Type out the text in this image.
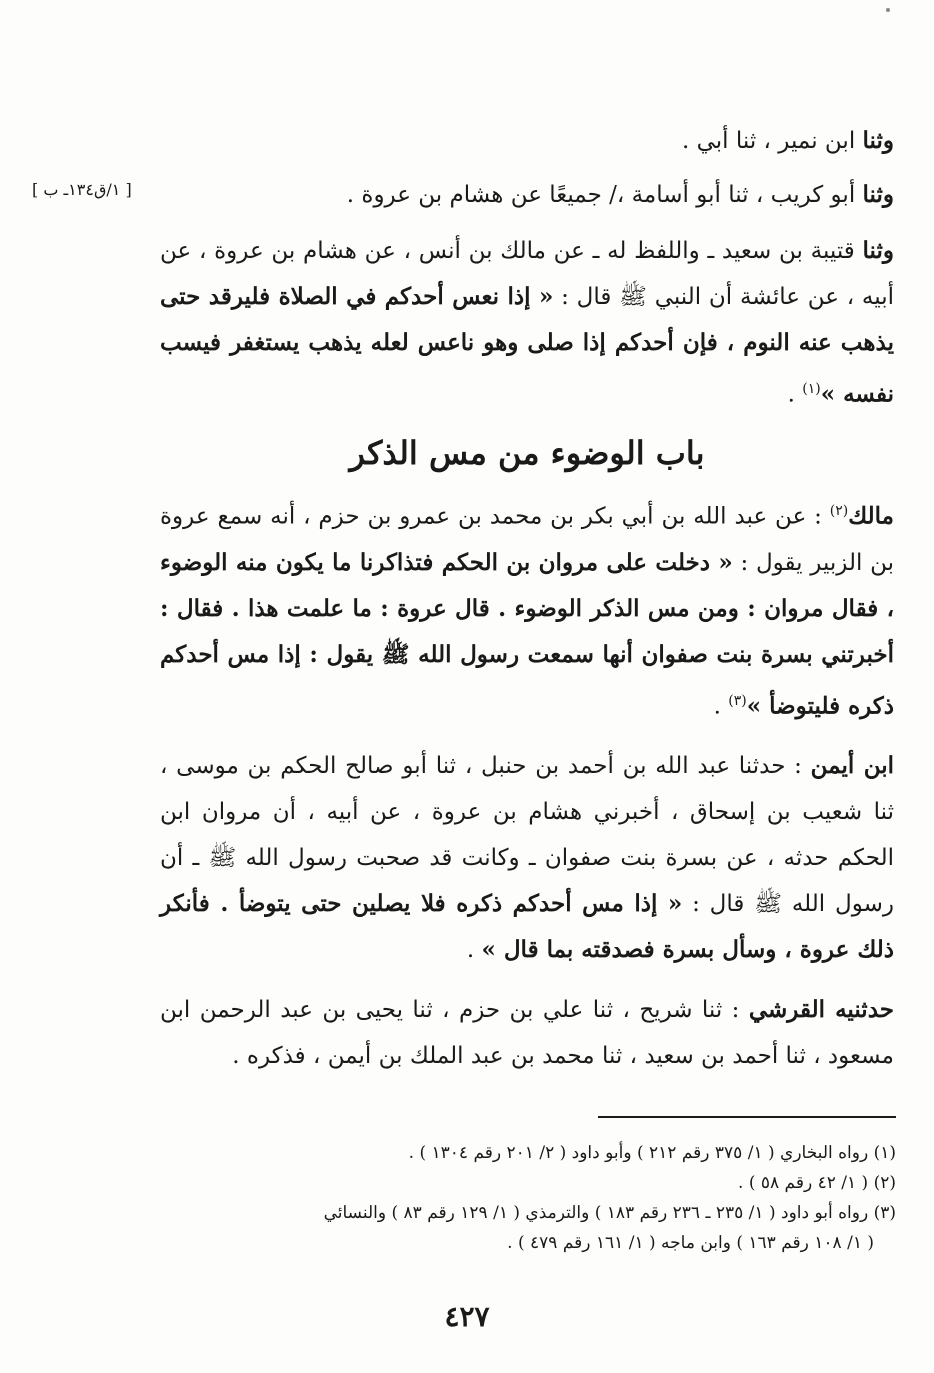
[ ١/ق١٣٤ـ ب ]

وثنا ابن نمير ، ثنا أبي .

وثنا أبو كريب ، ثنا أبو أسامة ،/ جميعًا عن هشام بن عروة .

وثنا قتيبة بن سعيد ـ واللفظ له ـ عن مالك بن أنس ، عن هشام بن عروة ، عن أبيه ، عن عائشة أن النبي ﷺ قال : « إذا نعس أحدكم في الصلاة فليرقد حتى يذهب عنه النوم ، فإن أحدكم إذا صلى وهو ناعس لعله يذهب يستغفر فيسب نفسه »$^{(١)}$ .

باب الوضوء من مس الذكر

مالك$^{(٢)}$ : عن عبد الله بن أبي بكر بن محمد بن عمرو بن حزم ، أنه سمع عروة بن الزبير يقول : « دخلت على مروان بن الحكم فتذاكرنا ما يكون منه الوضوء ، فقال مروان : ومن مس الذكر الوضوء . قال عروة : ما علمت هذا . فقال : أخبرتني بسرة بنت صفوان أنها سمعت رسول الله ﷺ يقول : إذا مس أحدكم ذكره فليتوضأ »$^{(٣)}$ .

ابن أيمن : حدثنا عبد الله بن أحمد بن حنبل ، ثنا أبو صالح الحكم بن موسى ، ثنا شعيب بن إسحاق ، أخبرني هشام بن عروة ، عن أبيه ، أن مروان ابن الحكم حدثه ، عن بسرة بنت صفوان ـ وكانت قد صحبت رسول الله ﷺ ـ أن رسول الله ﷺ قال : « إذا مس أحدكم ذكره فلا يصلين حتى يتوضأ . فأنكر ذلك عروة ، وسأل بسرة فصدقته بما قال » .

حدثنيه القرشي : ثنا شريح ، ثنا علي بن حزم ، ثنا يحيى بن عبد الرحمن ابن مسعود ، ثنا أحمد بن سعيد ، ثنا محمد بن عبد الملك بن أيمن ، فذكره .

(١) رواه البخاري ( ١/ ٣٧٥ رقم ٢١٢ ) وأبو داود ( ٢/ ٢٠١ رقم ١٣٠٤ ) .
(٢) ( ١/ ٤٢ رقم ٥٨ ) .
(٣) رواه أبو داود ( ١/ ٢٣٥ ـ ٢٣٦ رقم ١٨٣ ) والترمذي ( ١/ ١٢٩ رقم ٨٣ ) والنسائي
( ١/ ١٠٨ رقم ١٦٣ ) وابن ماجه ( ١/ ١٦١ رقم ٤٧٩ ) .
٤٢٧
